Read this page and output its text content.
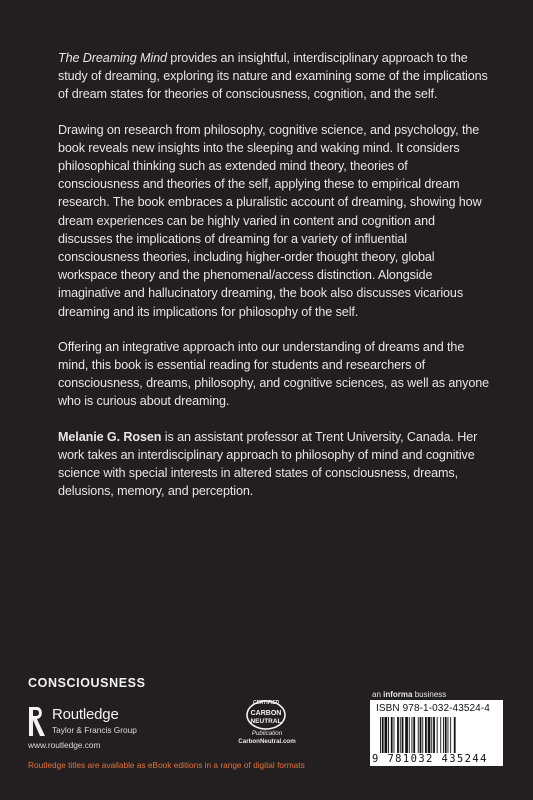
The Dreaming Mind provides an insightful, interdisciplinary approach to the study of dreaming, exploring its nature and examining some of the implications of dream states for theories of consciousness, cognition, and the self.

Drawing on research from philosophy, cognitive science, and psychology, the book reveals new insights into the sleeping and waking mind. It considers philosophical thinking such as extended mind theory, theories of consciousness and theories of the self, applying these to empirical dream research. The book embraces a pluralistic account of dreaming, showing how dream experiences can be highly varied in content and cognition and discusses the implications of dreaming for a variety of influential consciousness theories, including higher-order thought theory, global workspace theory and the phenomenal/access distinction. Alongside imaginative and hallucinatory dreaming, the book also discusses vicarious dreaming and its implications for philosophy of the self.

Offering an integrative approach into our understanding of dreams and the mind, this book is essential reading for students and researchers of consciousness, dreams, philosophy, and cognitive sciences, as well as anyone who is curious about dreaming.

Melanie G. Rosen is an assistant professor at Trent University, Canada. Her work takes an interdisciplinary approach to philosophy of mind and cognitive science with special interests in altered states of consciousness, dreams, delusions, memory, and perception.

CONSCIOUSNESS
Routledge
Taylor & Francis Group
www.routledge.com
Routledge titles are available as eBook editions in a range of digital formats
CERTIFIED
CARBON
NEUTRAL
Publication
CarbonNeutral.com
an informa business
ISBN 978-1-032-43524-4
9 781032 435244
